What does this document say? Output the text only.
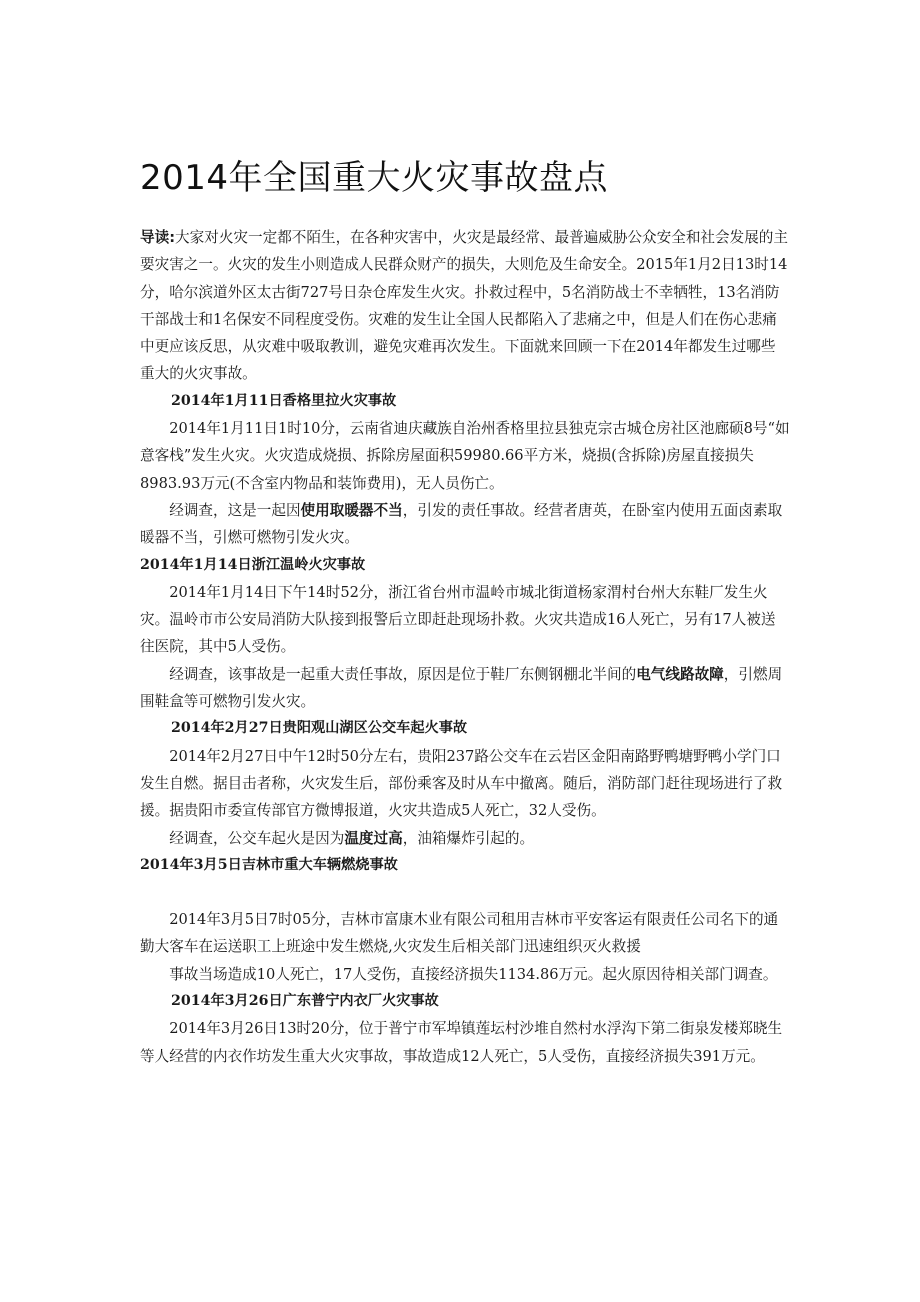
2014年全国重大火灾事故盘点

导读:大家对火灾一定都不陌生，在各种灾害中，火灾是最经常、最普遍威胁公众安全和社会发展的主要灾害之一。火灾的发生小则造成人民群众财产的损失，大则危及生命安全。2015年1月2日13时14分，哈尔滨道外区太古街727号日杂仓库发生火灾。扑救过程中，5名消防战士不幸牺牲，13名消防干部战士和1名保安不同程度受伤。灾难的发生让全国人民都陷入了悲痛之中，但是人们在伤心悲痛中更应该反思，从灾难中吸取教训，避免灾难再次发生。下面就来回顾一下在2014年都发生过哪些重大的火灾事故。

2014年1月11日香格里拉火灾事故

2014年1月11日1时10分，云南省迪庆藏族自治州香格里拉县独克宗古城仓房社区池廊硕8号“如意客栈”发生火灾。火灾造成烧损、拆除房屋面积59980.66平方米，烧损(含拆除)房屋直接损失8983.93万元(不含室内物品和装饰费用)，无人员伤亡。

经调查，这是一起因使用取暖器不当，引发的责任事故。经营者唐英，在卧室内使用五面卤素取暖器不当，引燃可燃物引发火灾。

2014年1月14日浙江温岭火灾事故

2014年1月14日下午14时52分，浙江省台州市温岭市城北街道杨家渭村台州大东鞋厂发生火灾。温岭市市公安局消防大队接到报警后立即赶赴现场扑救。火灾共造成16人死亡，另有17人被送往医院，其中5人受伤。

经调查，该事故是一起重大责任事故，原因是位于鞋厂东侧钢棚北半间的电气线路故障，引燃周围鞋盒等可燃物引发火灾。

2014年2月27日贵阳观山湖区公交车起火事故

2014年2月27日中午12时50分左右，贵阳237路公交车在云岩区金阳南路野鸭塘野鸭小学门口发生自燃。据目击者称，火灾发生后，部份乘客及时从车中撤离。随后，消防部门赶往现场进行了救援。据贵阳市委宣传部官方微博报道，火灾共造成5人死亡，32人受伤。

经调查，公交车起火是因为温度过高，油箱爆炸引起的。

2014年3月5日吉林市重大车辆燃烧事故

2014年3月5日7时05分，吉林市富康木业有限公司租用吉林市平安客运有限责任公司名下的通勤大客车在运送职工上班途中发生燃烧,火灾发生后相关部门迅速组织灭火救援

事故当场造成10人死亡，17人受伤，直接经济损失1134.86万元。起火原因待相关部门调查。

2014年3月26日广东普宁内衣厂火灾事故

2014年3月26日13时20分，位于普宁市军埠镇莲坛村沙堆自然村水浮沟下第二街泉发楼郑晓生等人经营的内衣作坊发生重大火灾事故，事故造成12人死亡，5人受伤，直接经济损失391万元。
